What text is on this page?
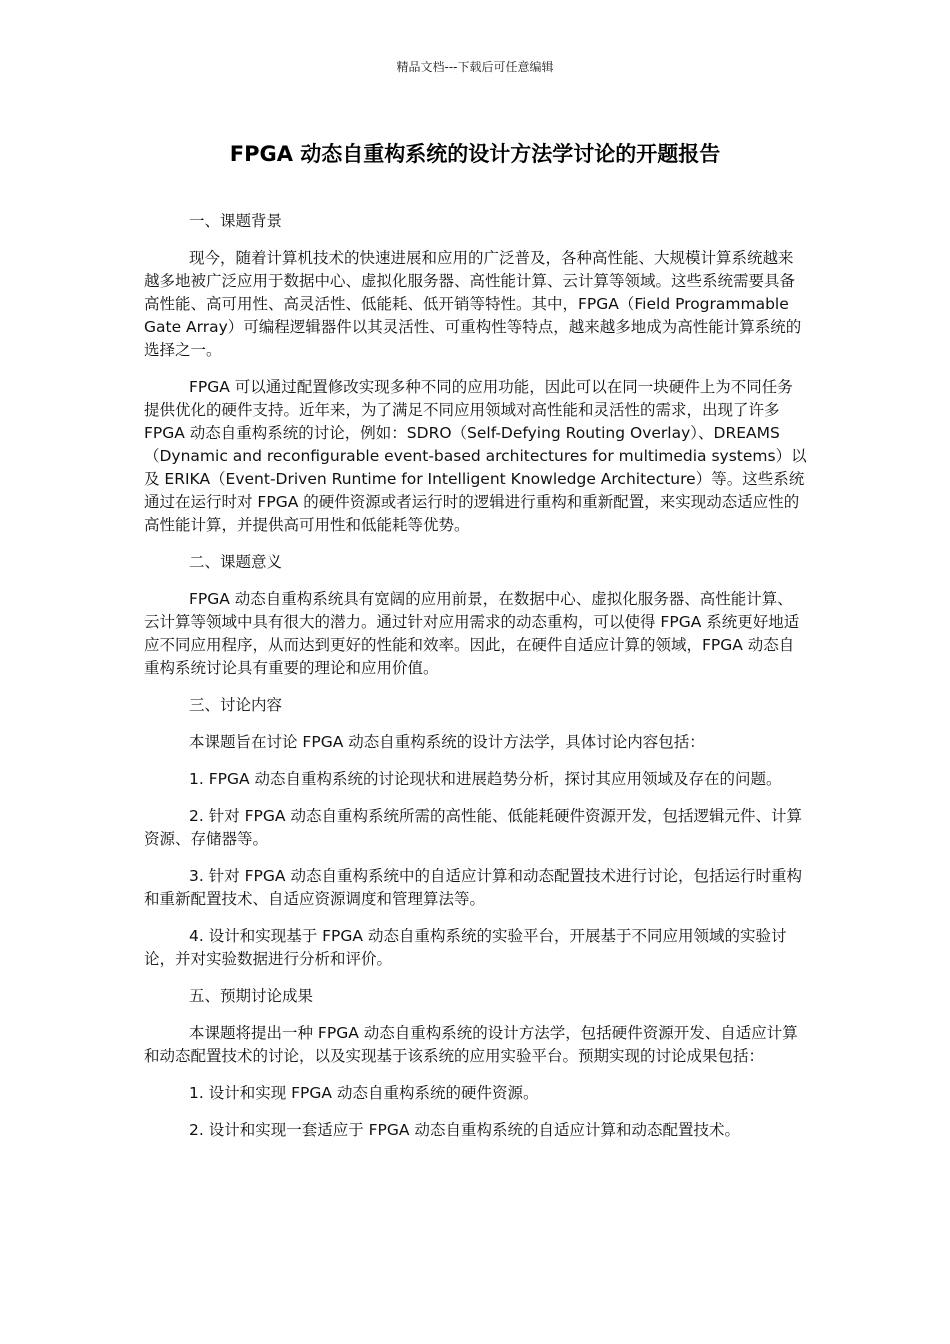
精品文档---下载后可任意编辑
FPGA 动态自重构系统的设计方法学讨论的开题报告

一、课题背景

现今，随着计算机技术的快速进展和应用的广泛普及，各种高性能、大规模计算系统越来越多地被广泛应用于数据中心、虚拟化服务器、高性能计算、云计算等领域。这些系统需要具备高性能、高可用性、高灵活性、低能耗、低开销等特性。其中，FPGA（Field Programmable Gate Array）可编程逻辑器件以其灵活性、可重构性等特点，越来越多地成为高性能计算系统的选择之一。

FPGA 可以通过配置修改实现多种不同的应用功能，因此可以在同一块硬件上为不同任务提供优化的硬件支持。近年来，为了满足不同应用领域对高性能和灵活性的需求，出现了许多 FPGA 动态自重构系统的讨论，例如：SDRO（Self-Defying Routing Overlay）、DREAMS（Dynamic and reconfigurable event-based architectures for multimedia systems）以及 ERIKA（Event-Driven Runtime for Intelligent Knowledge Architecture）等。这些系统通过在运行时对 FPGA 的硬件资源或者运行时的逻辑进行重构和重新配置，来实现动态适应性的高性能计算，并提供高可用性和低能耗等优势。

二、课题意义

FPGA 动态自重构系统具有宽阔的应用前景，在数据中心、虚拟化服务器、高性能计算、云计算等领域中具有很大的潜力。通过针对应用需求的动态重构，可以使得 FPGA 系统更好地适应不同应用程序，从而达到更好的性能和效率。因此，在硬件自适应计算的领域，FPGA 动态自重构系统讨论具有重要的理论和应用价值。

三、讨论内容

本课题旨在讨论 FPGA 动态自重构系统的设计方法学，具体讨论内容包括：

1. FPGA 动态自重构系统的讨论现状和进展趋势分析，探讨其应用领域及存在的问题。

2. 针对 FPGA 动态自重构系统所需的高性能、低能耗硬件资源开发，包括逻辑元件、计算资源、存储器等。

3. 针对 FPGA 动态自重构系统中的自适应计算和动态配置技术进行讨论，包括运行时重构和重新配置技术、自适应资源调度和管理算法等。

4. 设计和实现基于 FPGA 动态自重构系统的实验平台，开展基于不同应用领域的实验讨论，并对实验数据进行分析和评价。

五、预期讨论成果

本课题将提出一种 FPGA 动态自重构系统的设计方法学，包括硬件资源开发、自适应计算和动态配置技术的讨论，以及实现基于该系统的应用实验平台。预期实现的讨论成果包括：

1. 设计和实现 FPGA 动态自重构系统的硬件资源。

2. 设计和实现一套适应于 FPGA 动态自重构系统的自适应计算和动态配置技术。
